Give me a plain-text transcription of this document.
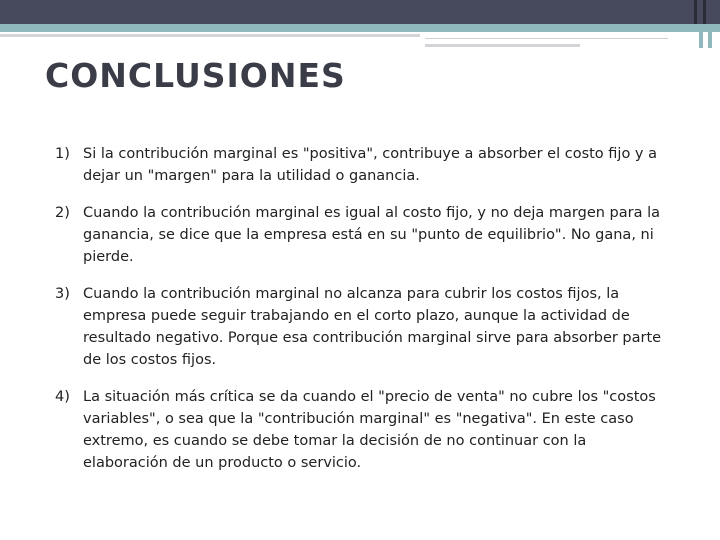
CONCLUSIONES
1) Si la contribución marginal es "positiva", contribuye a absorber el costo fijo y a dejar un "margen" para la utilidad o ganancia.
2) Cuando la contribución marginal es igual al costo fijo, y no deja margen para la ganancia, se dice que la empresa está en su "punto de equilibrio". No gana, ni pierde.
3) Cuando la contribución marginal no alcanza para cubrir los costos fijos, la empresa puede seguir trabajando en el corto plazo, aunque la actividad de resultado negativo. Porque esa contribución marginal sirve para absorber parte de los costos fijos.
4) La situación más crítica se da cuando el "precio de venta" no cubre los "costos variables", o sea que la "contribución marginal" es "negativa". En este caso extremo, es cuando se debe tomar la decisión de no continuar con la elaboración de un producto o servicio.
